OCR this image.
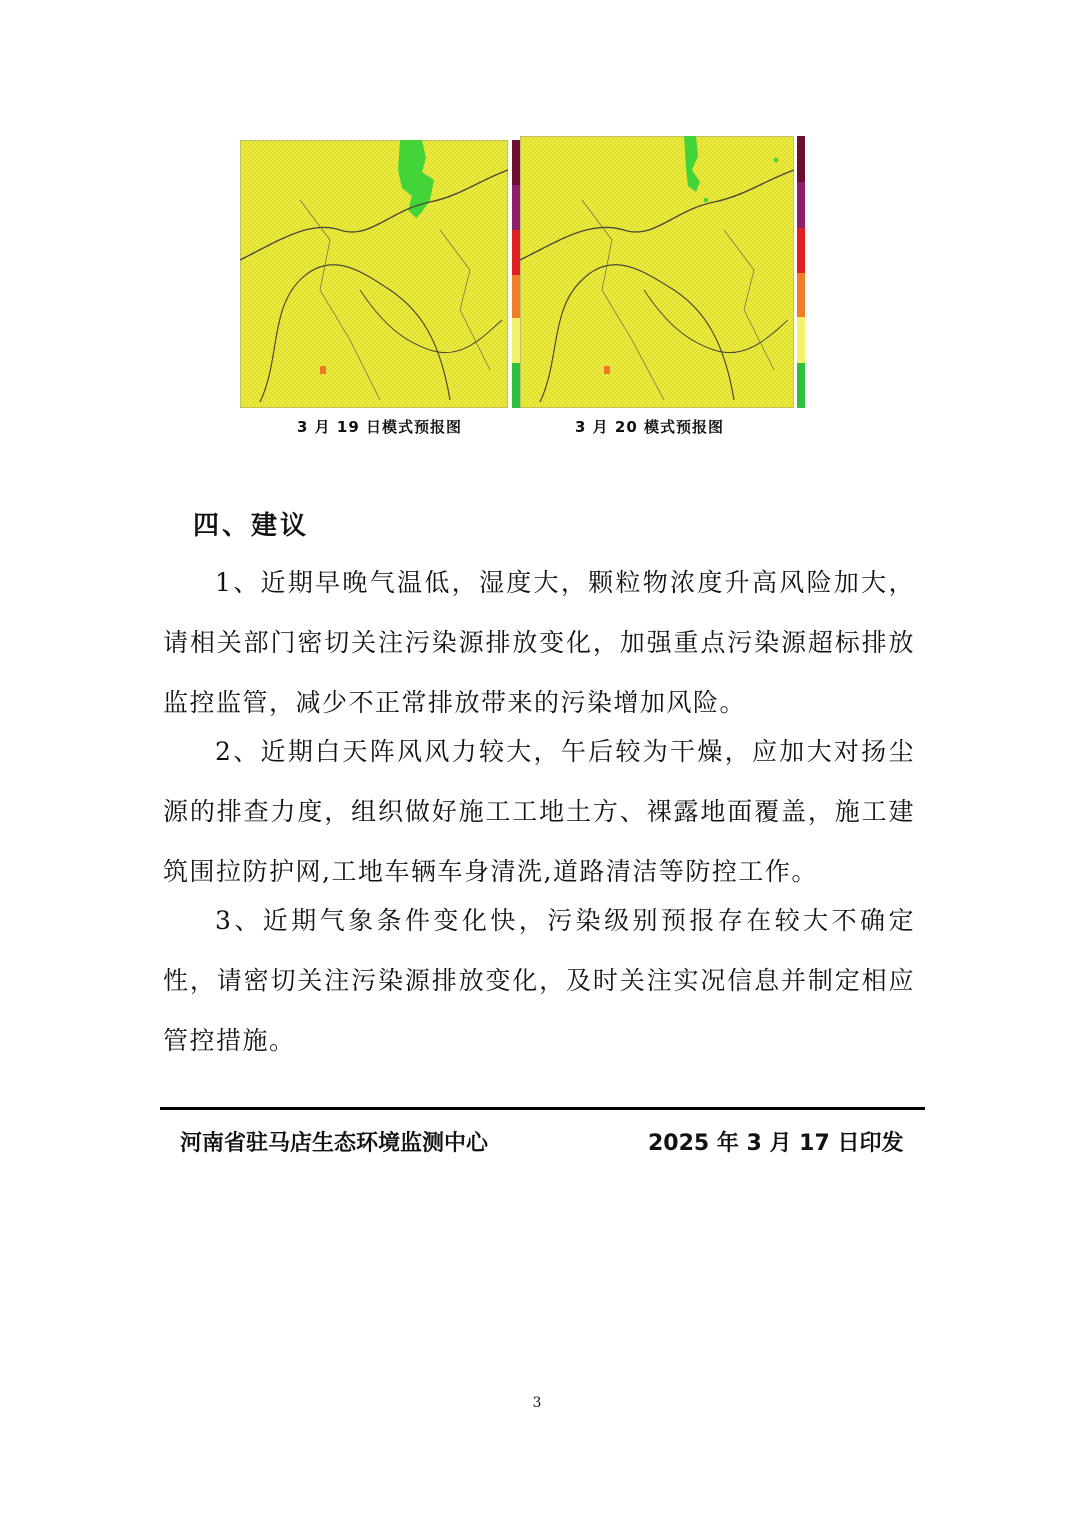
3 月 19 日模式预报图	3 月 20 模式预报图
四、建议
1、近期早晚气温低，湿度大，颗粒物浓度升高风险加大，请相关部门密切关注污染源排放变化，加强重点污染源超标排放监控监管，减少不正常排放带来的污染增加风险。
2、近期白天阵风风力较大，午后较为干燥，应加大对扬尘源的排查力度，组织做好施工工地土方、裸露地面覆盖，施工建筑围拉防护网,工地车辆车身清洗,道路清洁等防控工作。
3、近期气象条件变化快，污染级别预报存在较大不确定性，请密切关注污染源排放变化，及时关注实况信息并制定相应管控措施。
河南省驻马店生态环境监测中心	2025 年 3 月 17 日印发
3
